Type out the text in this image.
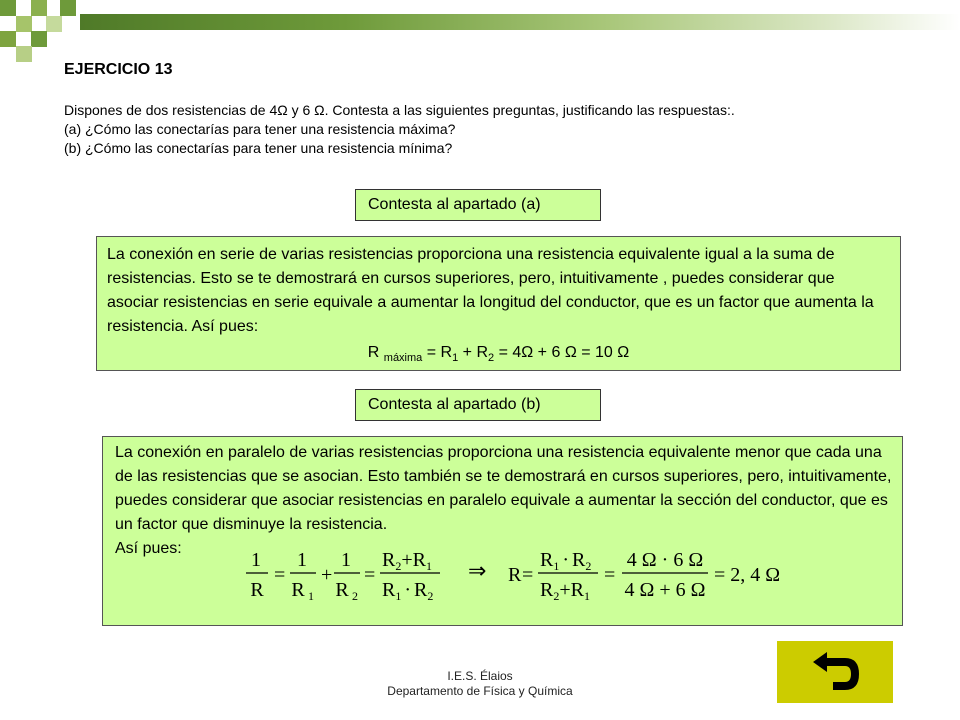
EJERCICIO 13
Dispones de dos resistencias de 4Ω y 6 Ω. Contesta a las siguientes preguntas, justificando las respuestas:.
(a) ¿Cómo las conectarías para tener una resistencia máxima?
(b) ¿Cómo las conectarías para tener una resistencia mínima?
Contesta al apartado (a)

La conexión en serie de varias resistencias proporciona una resistencia equivalente igual a la suma de resistencias. Esto se te demostrará en cursos superiores, pero, intuitivamente , puedes considerar que asociar resistencias en serie equivale a aumentar la longitud del conductor, que es un factor que aumenta la resistencia. Así pues:

R $_{máxima} = R_1 + R_2 = 4\Omega + 6$ Ω = 10 Ω
Contesta al apartado (b)

La conexión en paralelo de varias resistencias proporciona una resistencia equivalente menor que cada una de las resistencias que se asocian. Esto también se te demostrará en cursos superiores, pero, intuitivamente, puedes considerar que asociar resistencias en paralelo equivale a aumentar la sección del conductor, que es un factor que disminuye la resistencia.

Así pues:

1
R
=
1
R 1
+
1
R 2
=
$R_2+R_1$
$R_1 \cdot R_2$
⇒ R =
$R_1 \cdot R_2$
$R_2+R_1$
=
4 Ω · 6 Ω
4 Ω + 6 Ω
= 2, 4 Ω
I.E.S. Élaios
Departamento de Física y Química
